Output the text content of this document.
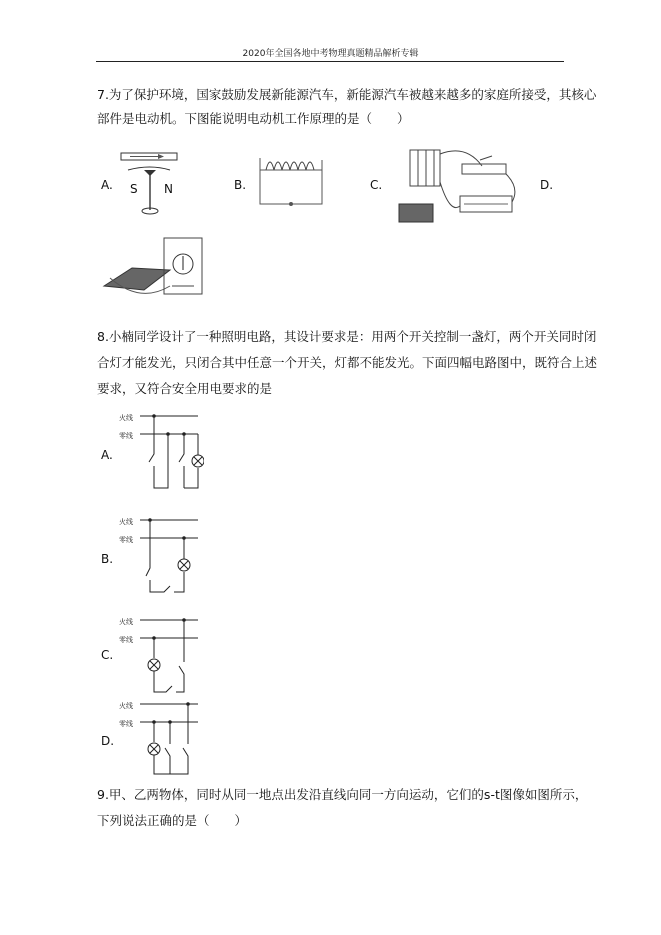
2020年全国各地中考物理真题精品解析专辑
7.为了保护环境，国家鼓励发展新能源汽车，新能源汽车被越来越多的家庭所接受，其核心
部件是电动机。下图能说明电动机工作原理的是（　　）
A. S N	B.	C.	D.
8.小楠同学设计了一种照明电路，其设计要求是：用两个开关控制一盏灯，两个开关同时闭
合灯才能发光，只闭合其中任意一个开关，灯都不能发光。下面四幅电路图中，既符合上述
要求，又符合安全用电要求的是
A.
火线
零线
B.
火线
零线
C.
火线
零线
D.
火线
零线
9.甲、乙两物体，同时从同一地点出发沿直线向同一方向运动，它们的s-t图像如图所示，
下列说法正确的是（　　）
